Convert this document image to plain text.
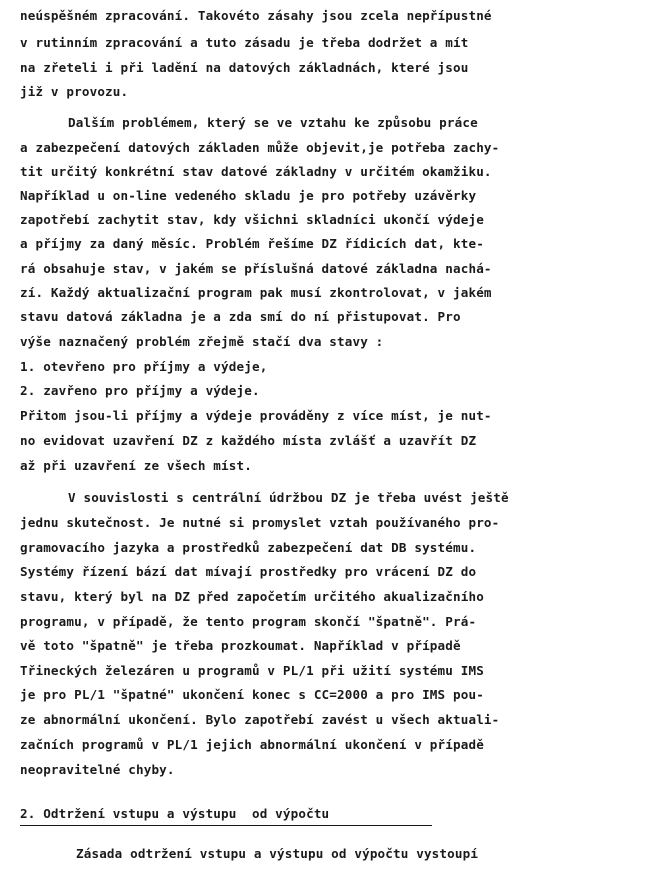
neúspěšném zpracování. Takovéto zásahy jsou zcela nepřípustné
v rutinním zpracování a tuto zásadu je třeba dodržet a mít
na zřeteli i při ladění na datových základnách, které jsou
již v provozu.
Dalším problémem, který se ve vztahu ke způsobu práce
a zabezpečení datových základen může objevit,je potřeba zachy-
tit určitý konkrétní stav datové základny v určitém okamžiku.
Například u on-line vedeného skladu je pro potřeby uzávěrky
zapotřebí zachytit stav, kdy všichni skladníci ukončí výdeje
a příjmy za daný měsíc. Problém řešíme DZ řídicích dat, kte-
rá obsahuje stav, v jakém se příslušná datové základna nachá-
zí. Každý aktualizační program pak musí zkontrolovat, v jakém
stavu datová základna je a zda smí do ní přistupovat. Pro
výše naznačený problém zřejmě stačí dva stavy :
1. otevřeno pro příjmy a výdeje,
2. zavřeno pro příjmy a výdeje.
Přitom jsou-li příjmy a výdeje prováděny z více míst, je nut-
no evidovat uzavření DZ z každého místa zvlášť a uzavřít DZ
až při uzavření ze všech míst.
V souvislosti s centrální údržbou DZ je třeba uvést ještě
jednu skutečnost. Je nutné si promyslet vztah používaného pro-
gramovacího jazyka a prostředků zabezpečení dat DB systému.
Systémy řízení bází dat mívají prostředky pro vrácení DZ do
stavu, který byl na DZ před započetím určitého akualizačního
programu, v případě, že tento program skončí "špatně". Prá-
vě toto "špatně" je třeba prozkoumat. Například v případě
Třineckých železáren u programů v PL/1 při užití systému IMS
je pro PL/1 "špatné" ukončení konec s CC=2000 a pro IMS pou-
ze abnormální ukončení. Bylo zapotřebí zavést u všech aktuali-
začních programů v PL/1 jejich abnormální ukončení v případě
neopravitelné chyby.
2. Odtržení vstupu a výstupu  od výpočtu
Zásada odtržení vstupu a výstupu od výpočtu vystoupí
